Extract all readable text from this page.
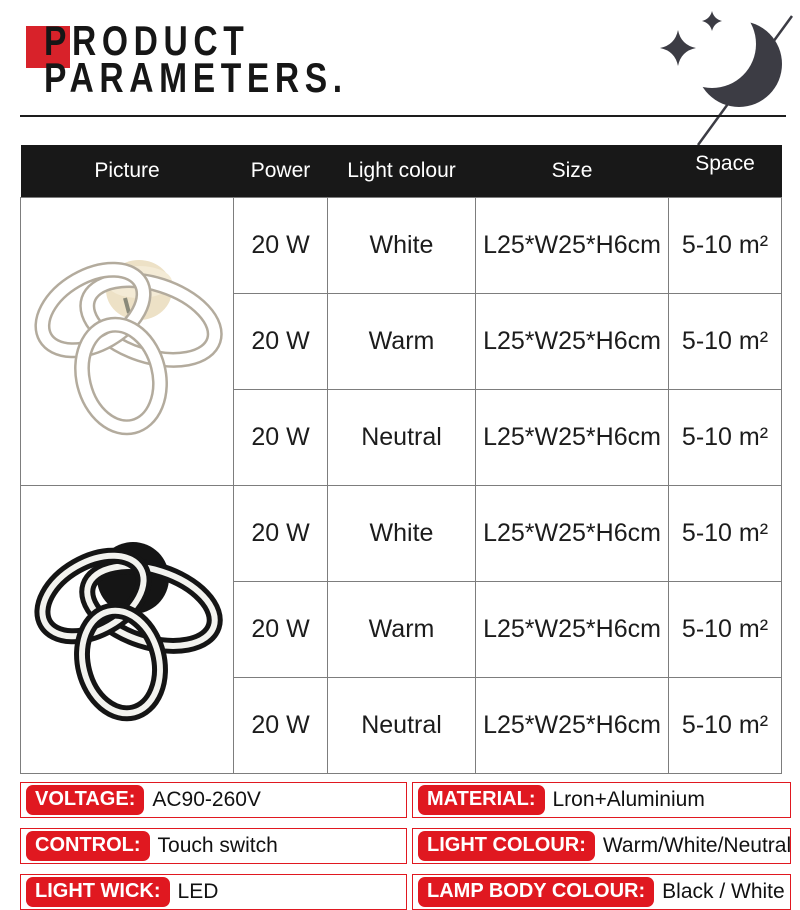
PRODUCT
PARAMETERS.
Picture	Power	Light colour	Size	Space
	20 W	White	L25*W25*H6cm	5-10 m²
	20 W	Warm	L25*W25*H6cm	5-10 m²
	20 W	Neutral	L25*W25*H6cm	5-10 m²
	20 W	White	L25*W25*H6cm	5-10 m²
	20 W	Warm	L25*W25*H6cm	5-10 m²
	20 W	Neutral	L25*W25*H6cm	5-10 m²
VOLTAGE: AC90-260V
CONTROL: Touch switch
LIGHT WICK: LED
MATERIAL: Lron+Aluminium
LIGHT COLOUR: Warm/White/Neutral
LAMP BODY COLOUR: Black / White
